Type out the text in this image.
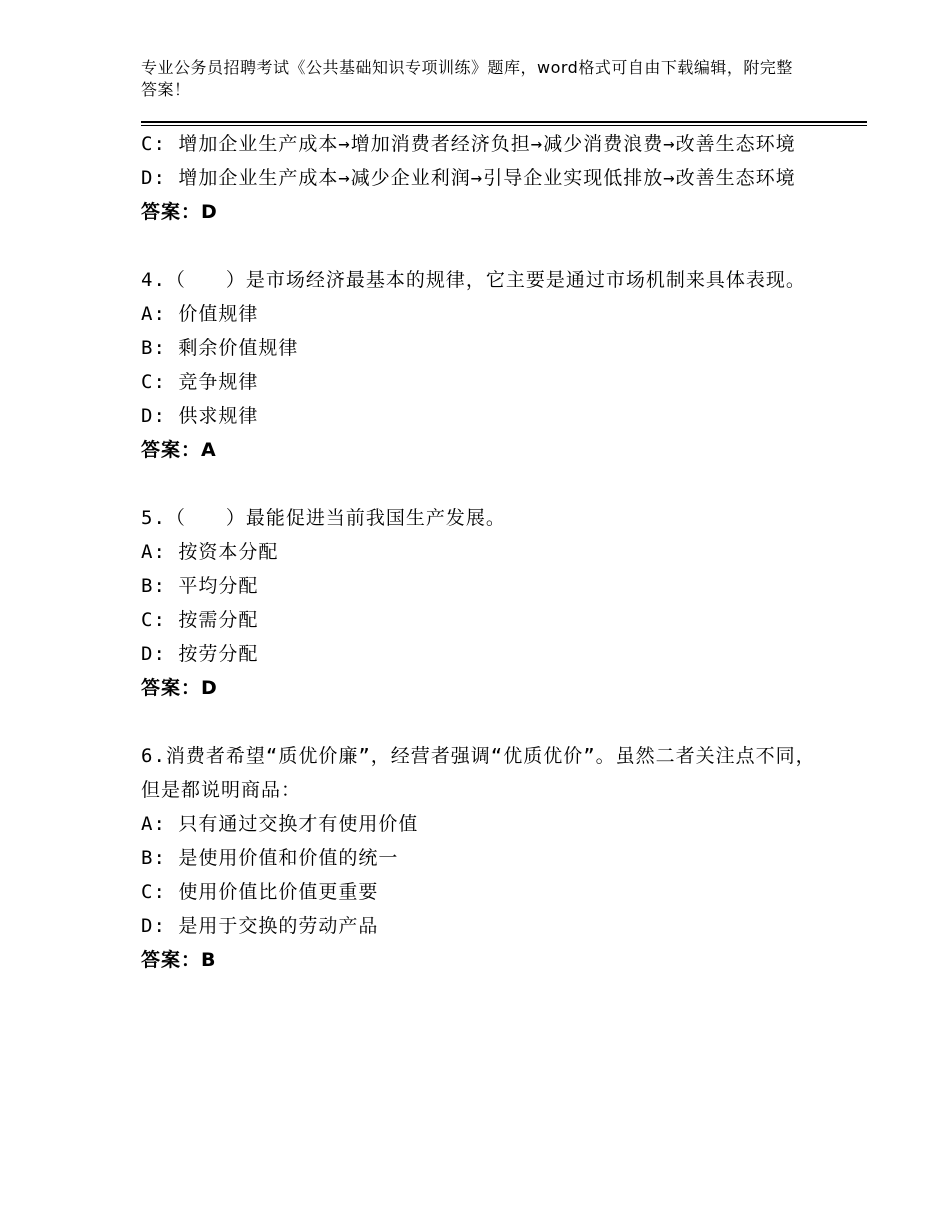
专业公务员招聘考试《公共基础知识专项训练》题库，word格式可自由下载编辑，附完整答案！

C: 增加企业生产成本→增加消费者经济负担→减少消费浪费→改善生态环境

D: 增加企业生产成本→减少企业利润→引导企业实现低排放→改善生态环境

答案：D

4.（　　）是市场经济最基本的规律，它主要是通过市场机制来具体表现。

A: 价值规律

B: 剩余价值规律

C: 竞争规律

D: 供求规律

答案：A

5.（　　）最能促进当前我国生产发展。

A: 按资本分配

B: 平均分配

C: 按需分配

D: 按劳分配

答案：D

6.消费者希望“质优价廉”，经营者强调“优质优价”。虽然二者关注点不同，但是都说明商品：

A: 只有通过交换才有使用价值

B: 是使用价值和价值的统一

C: 使用价值比价值更重要

D: 是用于交换的劳动产品

答案：B
